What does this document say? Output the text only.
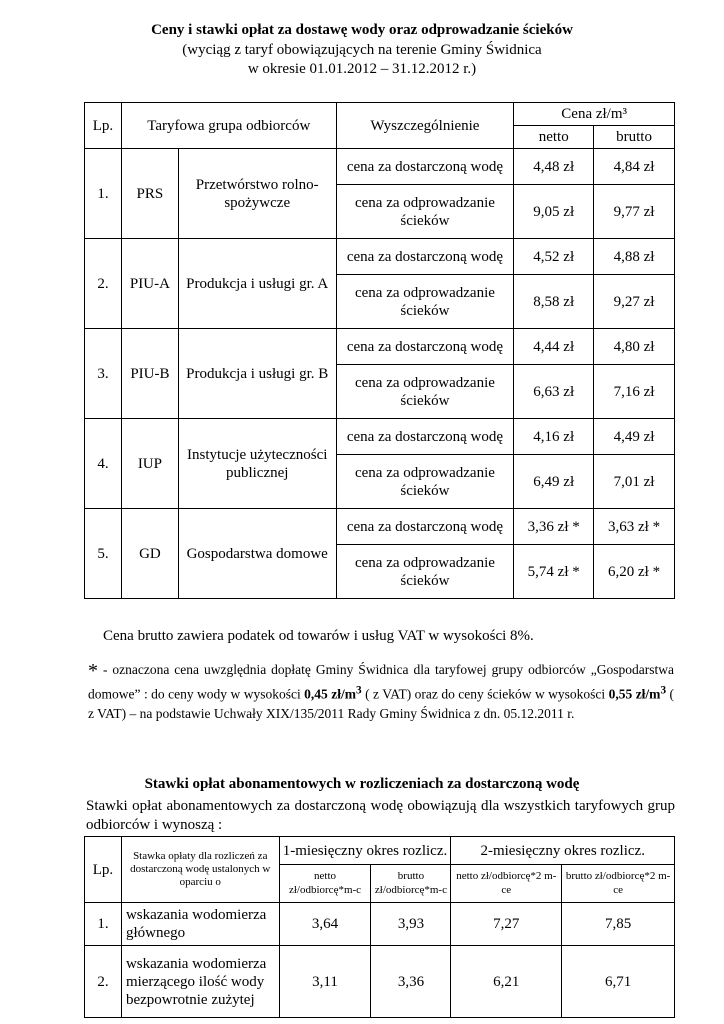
Ceny i stawki opłat za dostawę wody oraz odprowadzanie ścieków
(wyciąg z taryf obowiązujących na terenie Gminy Świdnica
w okresie 01.01.2012 – 31.12.2012 r.)
Lp.	Taryfowa grupa odbiorców		Wyszczególnienie	Cena zł/m³	
				netto	brutto
1.	PRS	Przetwórstwo rolno-spożywcze	cena za dostarczoną wodę	4,48 zł	4,84 zł
			cena za odprowadzanie ścieków	9,05 zł	9,77 zł
2.	PIU-A	Produkcja i usługi gr. A	cena za dostarczoną wodę	4,52 zł	4,88 zł
			cena za odprowadzanie ścieków	8,58 zł	9,27 zł
3.	PIU-B	Produkcja i usługi gr. B	cena za dostarczoną wodę	4,44 zł	4,80 zł
			cena za odprowadzanie ścieków	6,63 zł	7,16 zł
4.	IUP	Instytucje użyteczności publicznej	cena za dostarczoną wodę	4,16 zł	4,49 zł
			cena za odprowadzanie ścieków	6,49 zł	7,01 zł
5.	GD	Gospodarstwa domowe	cena za dostarczoną wodę	3,36 zł *	3,63 zł *
			cena za odprowadzanie ścieków	5,74 zł *	6,20 zł *
Cena brutto zawiera podatek od towarów i usług VAT w wysokości 8%.
* - oznaczona cena uwzględnia dopłatę Gminy Świdnica dla taryfowej grupy odbiorców „Gospodarstwa domowe” : do ceny wody w wysokości 0,45 $zł/m^3$ ( z VAT) oraz do ceny ścieków w wysokości 0,55 $zł/m^3$ ( z VAT) – na podstawie Uchwały XIX/135/2011 Rady Gminy Świdnica z dn. 05.12.2011 r.
Stawki opłat abonamentowych w rozliczeniach za dostarczoną wodę
Stawki opłat abonamentowych za dostarczoną wodę obowiązują dla wszystkich taryfowych grup odbiorców i wynoszą :
Lp.	Stawka opłaty dla rozliczeń za dostarczoną wodę ustalonych w oparciu o	1-miesięczny okres rozlicz.		2-miesięczny okres rozlicz.	
		netto zł/odbiorcę*m-c	brutto zł/odbiorcę*m-c	netto zł/odbiorcę*2 m-ce	brutto zł/odbiorcę*2 m-ce
1.	wskazania wodomierza głównego	3,64	3,93	7,27	7,85
2.	wskazania wodomierza mierzącego ilość wody bezpowrotnie zużytej	3,11	3,36	6,21	6,71
